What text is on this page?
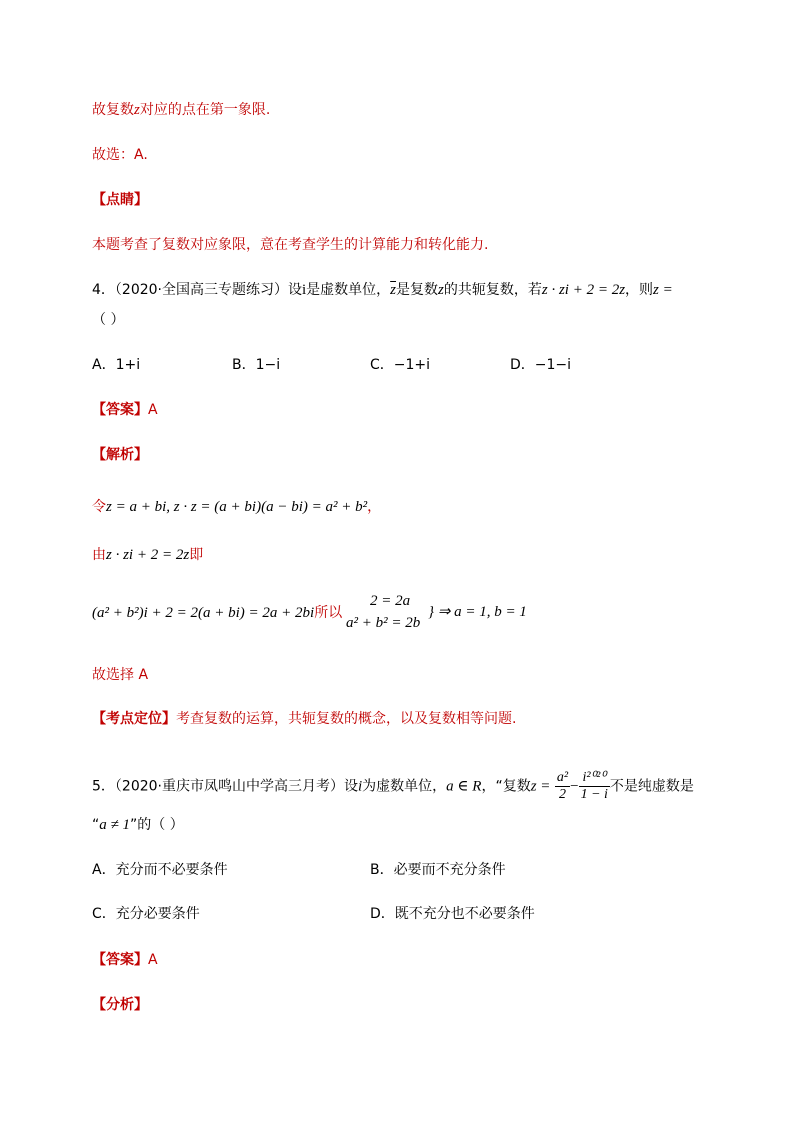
故复数z对应的点在第一象限.
故选：A.
【点睛】
本题考查了复数对应象限，意在考查学生的计算能力和转化能力.
4．（2020·全国高三专题练习）设i是虚数单位，$\overline{z}$是复数z的共轭复数，若z · zi + 2 = 2z，则z =
（ ）
A．1+i	B．1−i	C．−1+i	D．−1−i
【答案】A
【解析】
令z = a + bi, z · z = (a + bi)(a − bi) = a² + b²，
由z · zi + 2 = 2z即
(a² + b²)i + 2 = 2(a + bi) = 2a + 2bi所以
2 = 2a
a² + b² = 2b
} ⇒ a = 1, b = 1
故选择 A
【考点定位】考查复数的运算，共轭复数的概念，以及复数相等问题.
5．（2020·重庆市凤鸣山中学高三月考）设i为虚数单位，a ∈ R，“复数$z = \frac{\text{a²}}{2} - \frac{\text{i²⁰²⁰}}{1 - i}$ 不是纯虚数是
“a ≠ 1”的（ ）
A．充分而不必要条件	B．必要而不充分条件
C．充分必要条件	D．既不充分也不必要条件
【答案】A
【分析】
